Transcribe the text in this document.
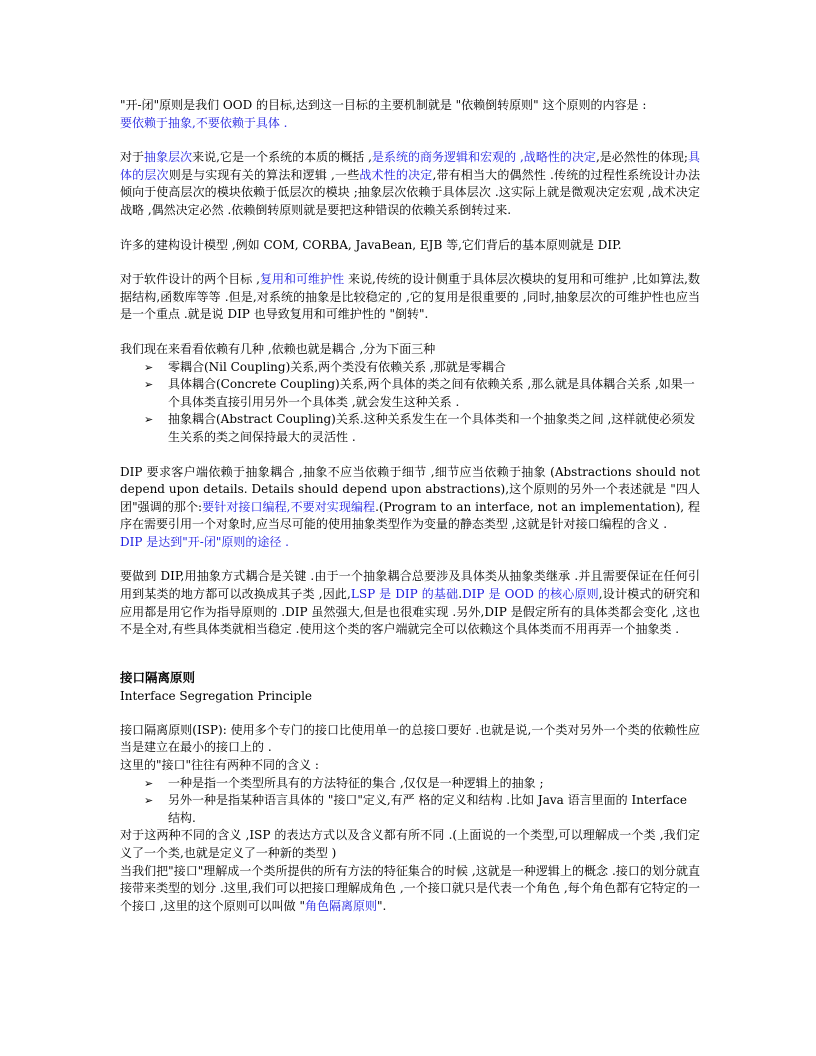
"开-闭"原则是我们 OOD 的目标,达到这一目标的主要机制就是 "依赖倒转原则" 这个原则的内容是 :
要依赖于抽象,不要依赖于具体 .

对于抽象层次来说,它是一个系统的本质的概括 ,是系统的商务逻辑和宏观的 ,战略性的决定,是必然性的体现;具体的层次则是与实现有关的算法和逻辑 ,一些战术性的决定,带有相当大的偶然性 .传统的过程性系统设计办法倾向于使高层次的模块依赖于低层次的模块 ;抽象层次依赖于具体层次 .这实际上就是微观决定宏观 ,战术决定战略 ,偶然决定必然 .依赖倒转原则就是要把这种错误的依赖关系倒转过来.

许多的建构设计模型 ,例如 COM, CORBA, JavaBean, EJB 等,它们背后的基本原则就是 DIP.

对于软件设计的两个目标 ,复用和可维护性 来说,传统的设计侧重于具体层次模块的复用和可维护 ,比如算法,数据结构,函数库等等 .但是,对系统的抽象是比较稳定的 ,它的复用是很重要的 ,同时,抽象层次的可维护性也应当是一个重点 .就是说 DIP 也导致复用和可维护性的 "倒转".

我们现在来看看依赖有几种 ,依赖也就是耦合 ,分为下面三种

➢ 零耦合(Nil Coupling)关系,两个类没有依赖关系 ,那就是零耦合
➢ 具体耦合(Concrete Coupling)关系,两个具体的类之间有依赖关系 ,那么就是具体耦合关系 ,如果一个具体类直接引用另外一个具体类 ,就会发生这种关系 .
➢ 抽象耦合(Abstract Coupling)关系.这种关系发生在一个具体类和一个抽象类之间 ,这样就使必须发生关系的类之间保持最大的灵活性 .

DIP 要求客户端依赖于抽象耦合 ,抽象不应当依赖于细节 ,细节应当依赖于抽象 (Abstractions should not depend upon details. Details should depend upon abstractions),这个原则的另外一个表述就是 "四人团"强调的那个:要针对接口编程,不要对实现编程.(Program to an interface, not an implementation), 程序在需要引用一个对象时,应当尽可能的使用抽象类型作为变量的静态类型 ,这就是针对接口编程的含义 .
DIP 是达到"开-闭"原则的途径 .

要做到 DIP,用抽象方式耦合是关键 .由于一个抽象耦合总要涉及具体类从抽象类继承 .并且需要保证在任何引用到某类的地方都可以改换成其子类 ,因此,LSP 是 DIP 的基础.DIP 是 OOD 的核心原则,设计模式的研究和应用都是用它作为指导原则的 .DIP 虽然强大,但是也很难实现 .另外,DIP 是假定所有的具体类都会变化 ,这也不是全对,有些具体类就相当稳定 .使用这个类的客户端就完全可以依赖这个具体类而不用再弄一个抽象类 .

接口隔离原则

Interface Segregation Principle

接口隔离原则(ISP): 使用多个专门的接口比使用单一的总接口要好 .也就是说,一个类对另外一个类的依赖性应当是建立在最小的接口上的 .

这里的"接口"往往有两种不同的含义 :

➢ 一种是指一个类型所具有的方法特征的集合 ,仅仅是一种逻辑上的抽象 ;
➢ 另外一种是指某种语言具体的 "接口"定义,有严 格的定义和结构 .比如 Java 语言里面的 Interface 结构.

对于这两种不同的含义 ,ISP 的表达方式以及含义都有所不同 .(上面说的一个类型,可以理解成一个类 ,我们定义了一个类,也就是定义了一种新的类型 )

当我们把"接口"理解成一个类所提供的所有方法的特征集合的时候 ,这就是一种逻辑上的概念 .接口的划分就直接带来类型的划分 .这里,我们可以把接口理解成角色 ,一个接口就只是代表一个角色 ,每个角色都有它特定的一个接口 ,这里的这个原则可以叫做 "角色隔离原则".
